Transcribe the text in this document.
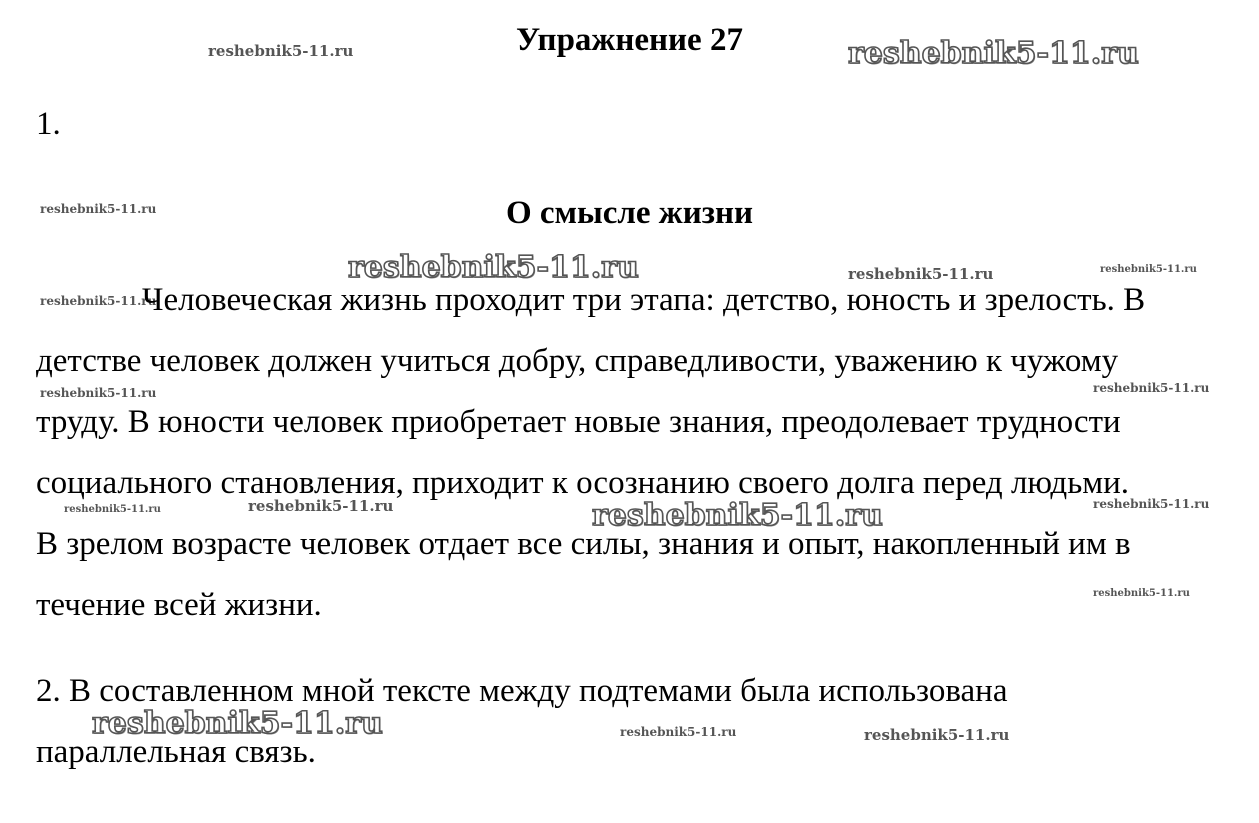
reshebnik5-11.ru	reshebnik5-11.ru
reshebnik5-11.ru
reshebnik5-11.ru	reshebnik5-11.ru	reshebnik5-11.ru
reshebnik5-11.ru
reshebnik5-11.ru	reshebnik5-11.ru
reshebnik5-11.ru	reshebnik5-11.ru	reshebnik5-11.ru	reshebnik5-11.ru
reshebnik5-11.ru
reshebnik5-11.ru	reshebnik5-11.ru	reshebnik5-11.ru
Упражнение 27
1.
О смысле жизни
Человеческая жизнь проходит три этапа: детство, юность и зрелость. В
детстве человек должен учиться добру, справедливости, уважению к чужому
труду. В юности человек приобретает новые знания, преодолевает трудности
социального становления, приходит к осознанию своего долга перед людьми.
В зрелом возрасте человек отдает все силы, знания и опыт, накопленный им в
течение всей жизни.
2. В составленном мной тексте между подтемами была использована
параллельная связь.
